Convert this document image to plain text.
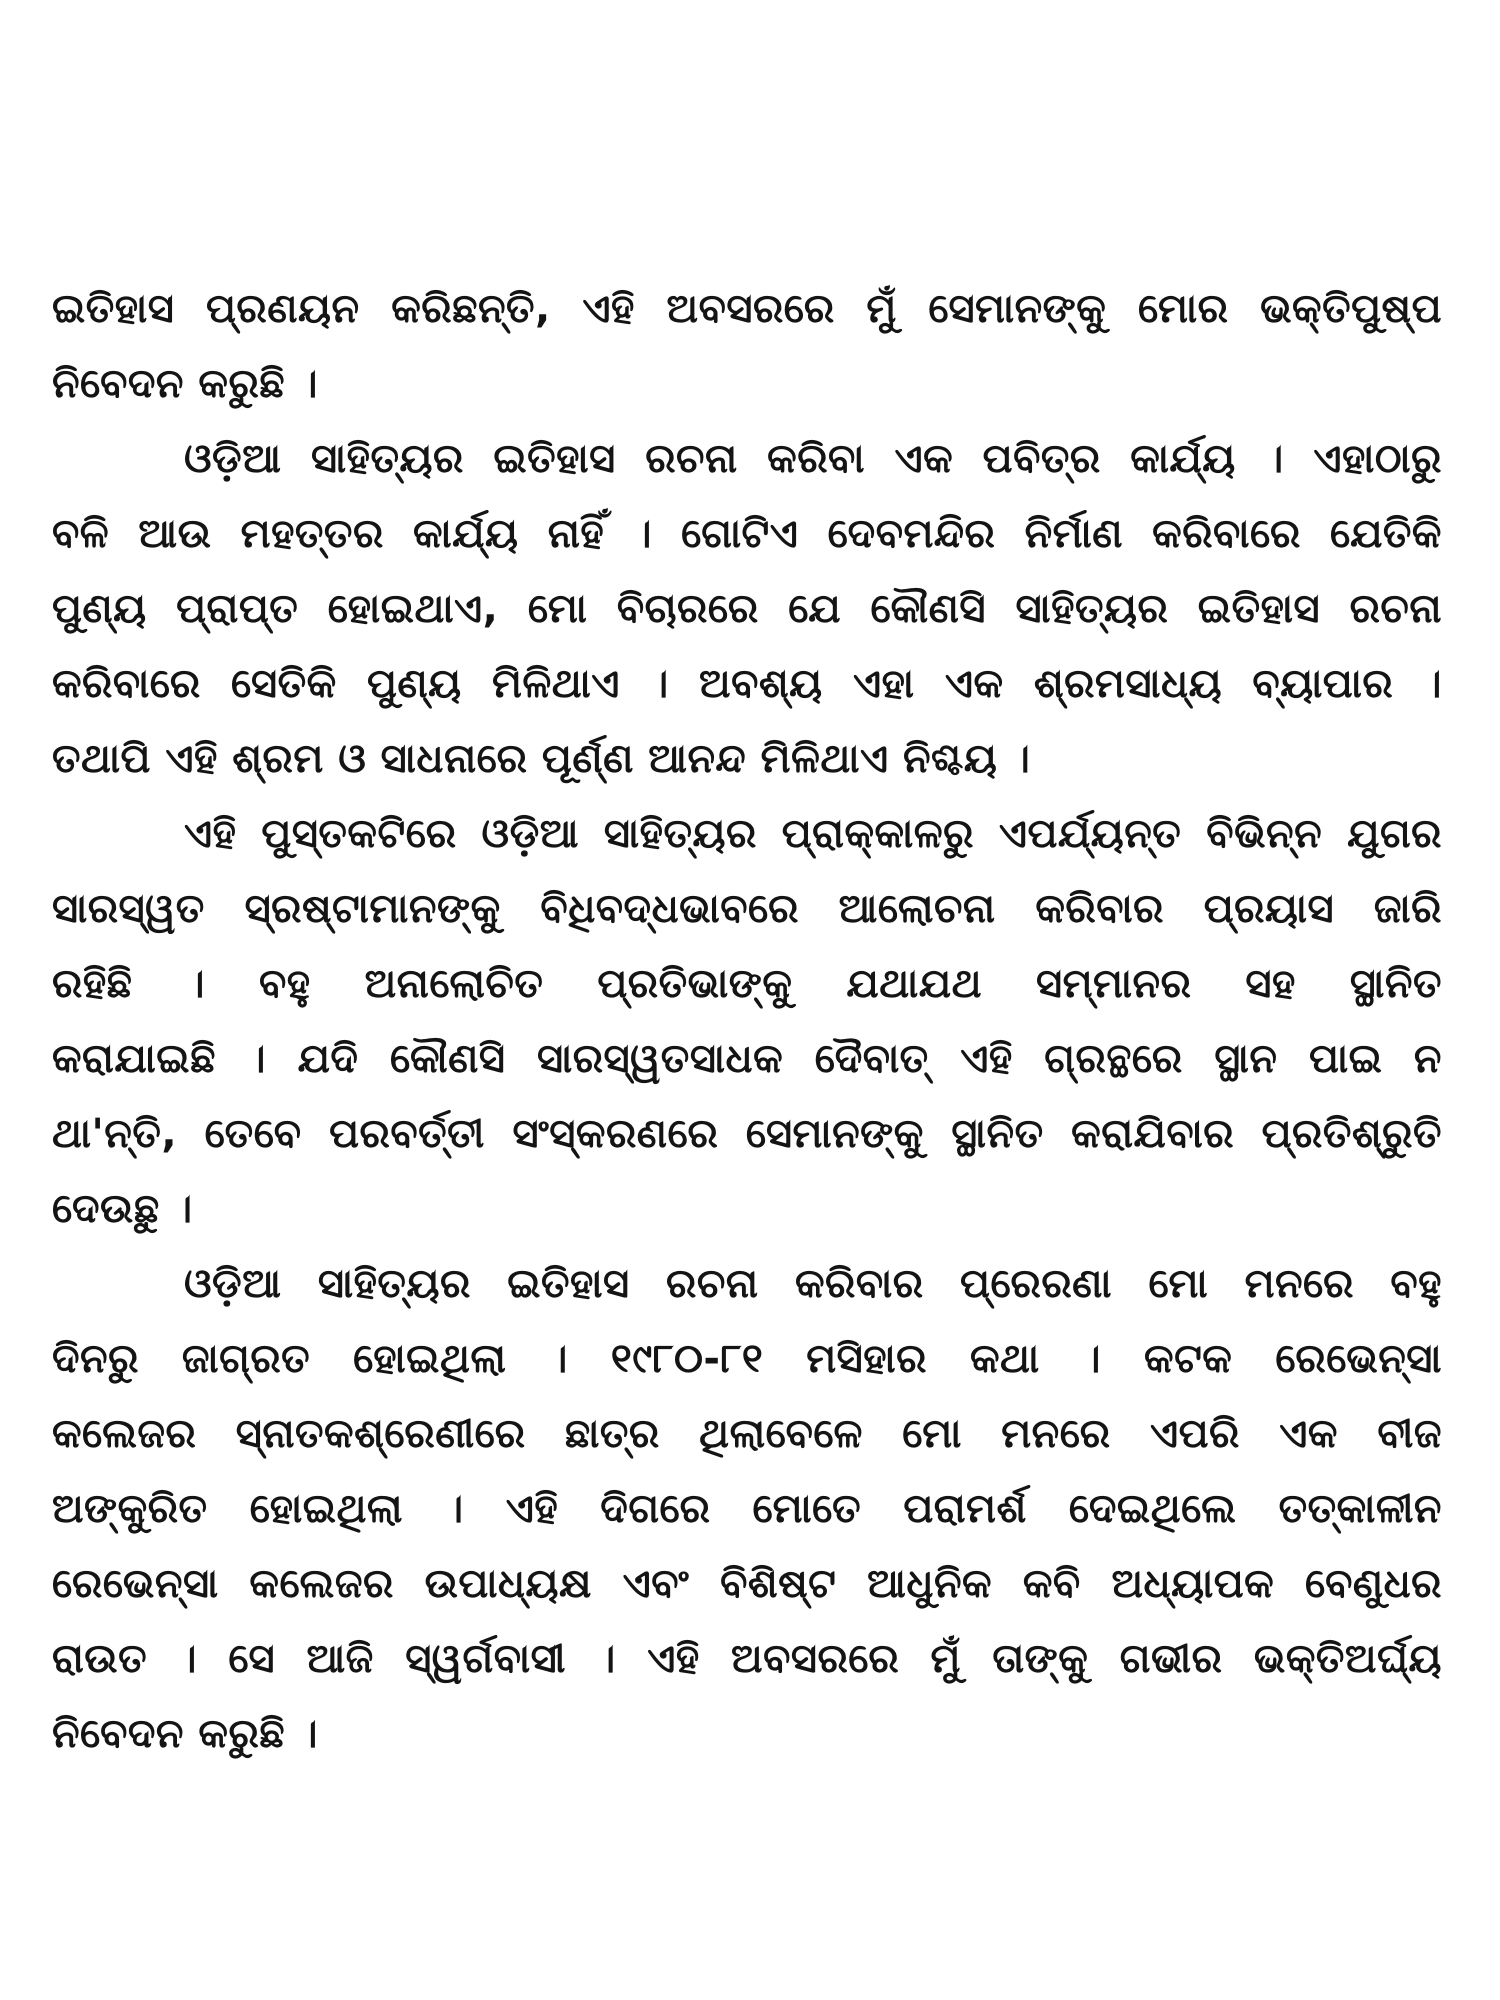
ଇତିହାସ ପ୍ରଣୟନ କରିଛନ୍ତି, ଏହି ଅବସରରେ ମୁଁ ସେମାନଙ୍କୁ ମୋର ଭକ୍ତିପୁଷ୍ପ
ନିବେଦନ କରୁଛି ।
ଓଡ଼ିଆ ସାହିତ୍ୟର ଇତିହାସ ରଚନା କରିବା ଏକ ପବିତ୍ର କାର୍ଯ୍ୟ । ଏହାଠାରୁ
ବଳି ଆଉ ମହତ୍ତର କାର୍ଯ୍ୟ ନାହିଁ । ଗୋଟିଏ ଦେବମନ୍ଦିର ନିର୍ମାଣ କରିବାରେ ଯେତିକି
ପୁଣ୍ୟ ପ୍ରାପ୍ତ ହୋଇଥାଏ, ମୋ ବିଚାରରେ ଯେ କୌଣସି ସାହିତ୍ୟର ଇତିହାସ ରଚନା
କରିବାରେ ସେତିକି ପୁଣ୍ୟ ମିଳିଥାଏ । ଅବଶ୍ୟ ଏହା ଏକ ଶ୍ରମସାଧ୍ୟ ବ୍ୟାପାର ।
ତଥାପି ଏହି ଶ୍ରମ ଓ ସାଧନାରେ ପୂର୍ଣ୍ଣ ଆନନ୍ଦ ମିଳିଥାଏ ନିଶ୍ଚୟ ।
ଏହି ପୁସ୍ତକଟିରେ ଓଡ଼ିଆ ସାହିତ୍ୟର ପ୍ରାକ୍‌କାଳରୁ ଏପର୍ଯ୍ୟନ୍ତ ବିଭିନ୍ନ ଯୁଗର
ସାରସ୍ୱତ ସ୍ରଷ୍ଟାମାନଙ୍କୁ ବିଧିବଦ୍ଧଭାବରେ ଆଲୋଚନା କରିବାର ପ୍ରୟାସ ଜାରି
ରହିଛି । ବହୁ ଅନାଲୋଚିତ ପ୍ରତିଭାଙ୍କୁ ଯଥାଯଥ ସମ୍ମାନର ସହ ସ୍ଥାନିତ
କରାଯାଇଛି । ଯଦି କୌଣସି ସାରସ୍ୱତସାଧକ ଦୈବାତ୍ ଏହି ଗ୍ରନ୍ଥରେ ସ୍ଥାନ ପାଇ ନ
ଥା'ନ୍ତି, ତେବେ ପରବର୍ତ୍ତୀ ସଂସ୍କରଣରେ ସେମାନଙ୍କୁ ସ୍ଥାନିତ କରାଯିବାର ପ୍ରତିଶ୍ରୁତି
ଦେଉଛୁ ।
ଓଡ଼ିଆ ସାହିତ୍ୟର ଇତିହାସ ରଚନା କରିବାର ପ୍ରେରଣା ମୋ ମନରେ ବହୁ
ଦିନରୁ ଜାଗ୍ରତ ହୋଇଥିଲା । ୧୯୮୦-୮୧ ମସିହାର କଥା । କଟକ ରେଭେନ୍‌ସା
କଲେଜର ସ୍ନାତକଶ୍ରେଣୀରେ ଛାତ୍ର ଥିଲାବେଳେ ମୋ ମନରେ ଏପରି ଏକ ବୀଜ
ଅଙ୍କୁରିତ ହୋଇଥିଲା । ଏହି ଦିଗରେ ମୋତେ ପରାମର୍ଶ ଦେଇଥିଲେ ତତ୍କାଳୀନ
ରେଭେନ୍‌ସା କଲେଜର ଉପାଧ୍ୟକ୍ଷ ଏବଂ ବିଶିଷ୍ଟ ଆଧୁନିକ କବି ଅଧ୍ୟାପକ ବେଣୁଧର
ରାଉତ । ସେ ଆଜି ସ୍ୱର୍ଗବାସୀ । ଏହି ଅବସରରେ ମୁଁ ତାଙ୍କୁ ଗଭୀର ଭକ୍ତିଅର୍ଘ୍ୟ
ନିବେଦନ କରୁଛି ।
